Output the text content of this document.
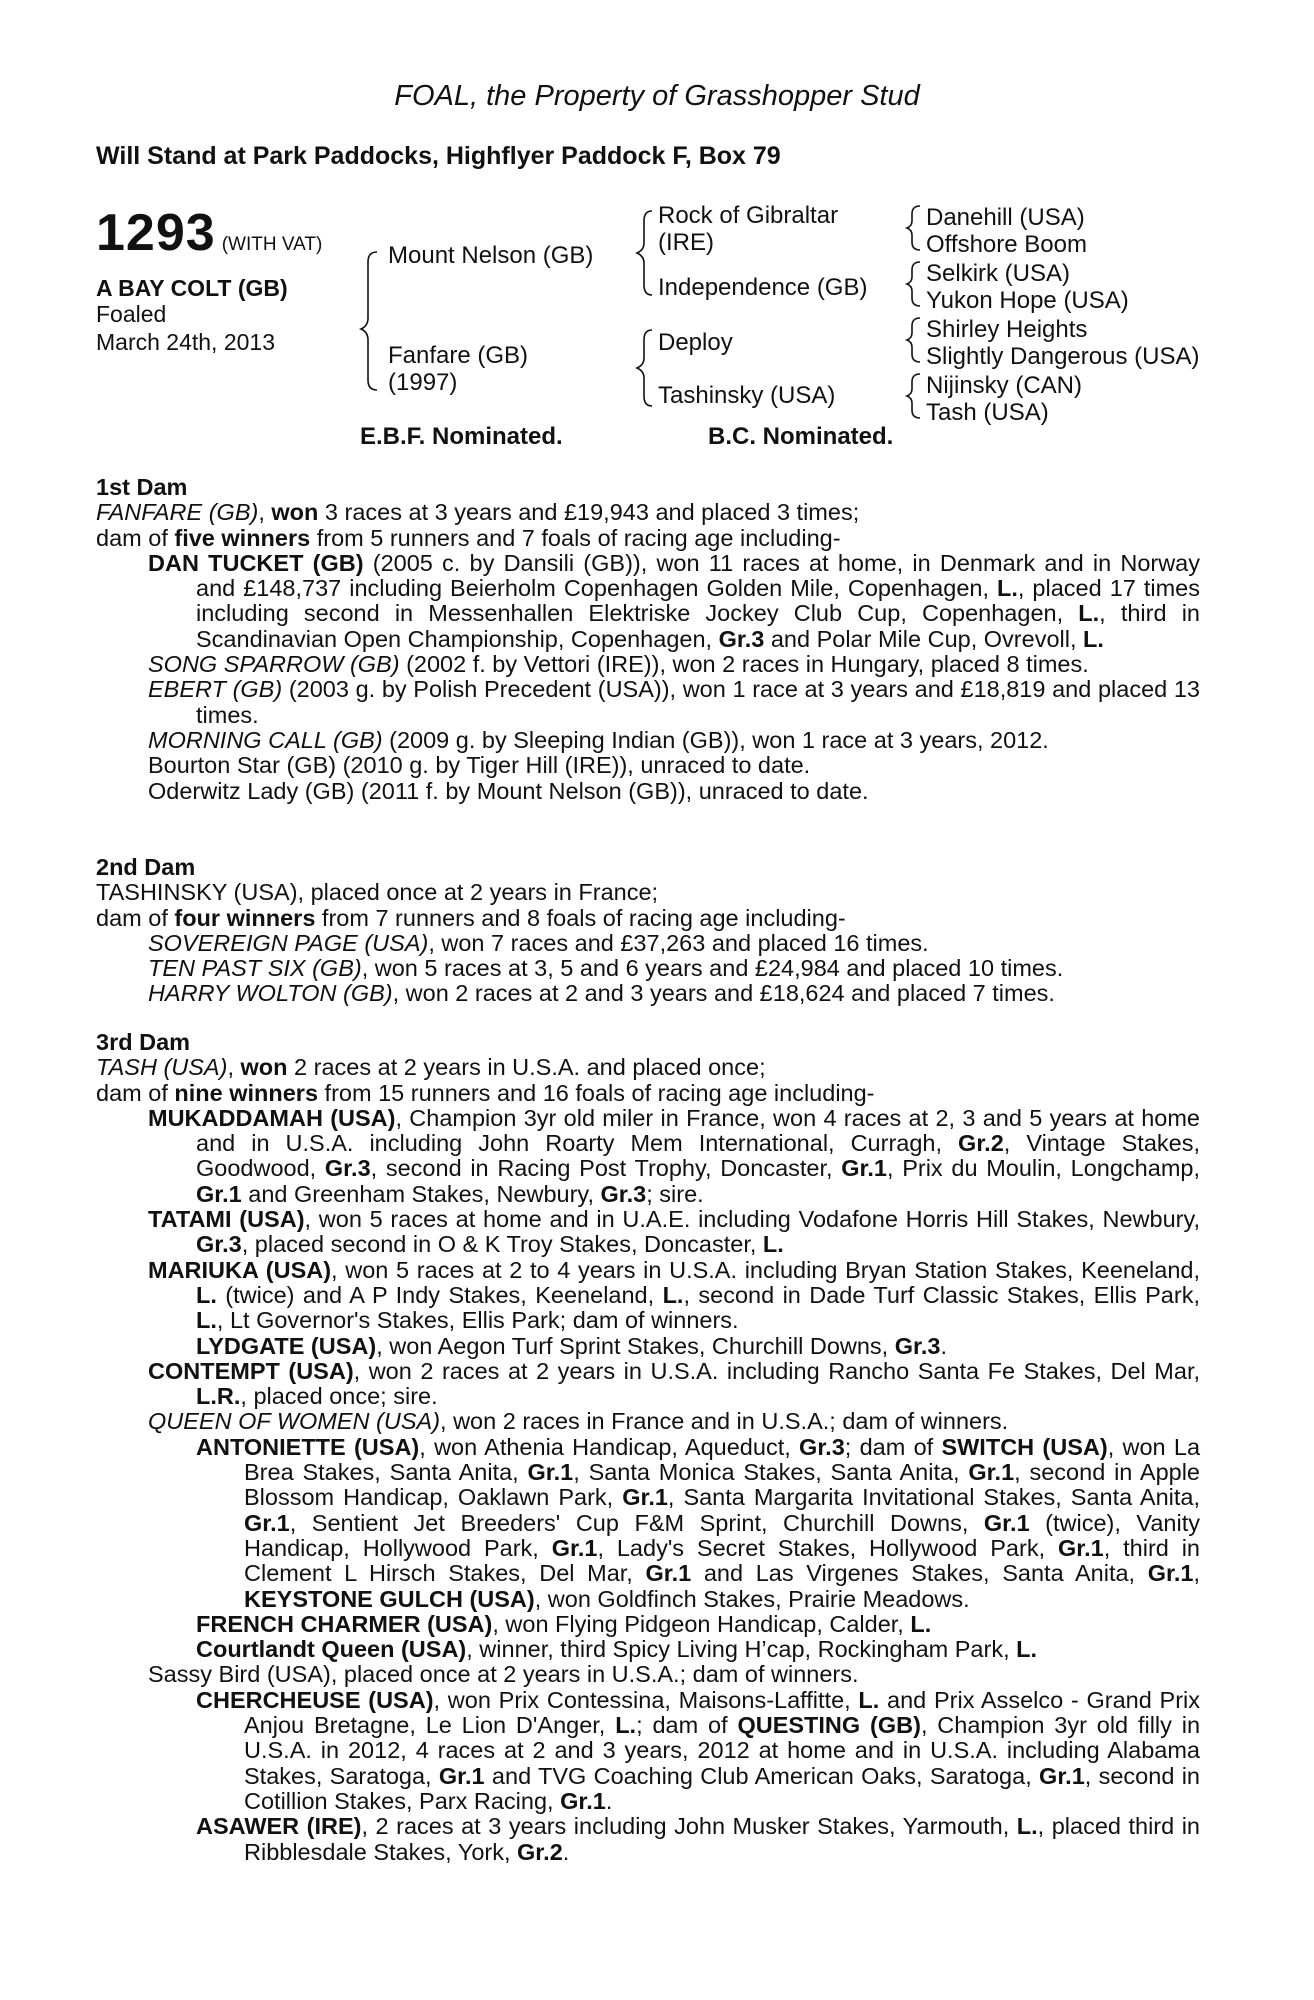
FOAL, the Property of Grasshopper Stud
Will Stand at Park Paddocks, Highflyer Paddock F, Box 79
1293 (WITH VAT)
A BAY COLT (GB)
Foaled
March 24th, 2013
Mount Nelson (GB)
Fanfare (GB)
(1997)
Rock of Gibraltar
(IRE)
Independence (GB)
Deploy
Tashinsky (USA)
Danehill (USA)
Offshore Boom
Selkirk (USA)
Yukon Hope (USA)
Shirley Heights
Slightly Dangerous (USA)
Nijinsky (CAN)
Tash (USA)
E.B.F. Nominated.	B.C. Nominated.
1st Dam
FANFARE (GB), won 3 races at 3 years and £19,943 and placed 3 times;
dam of five winners from 5 runners and 7 foals of racing age including-
DAN TUCKET (GB) (2005 c. by Dansili (GB)), won 11 races at home, in Denmark and in Norway and £148,737 including Beierholm Copenhagen Golden Mile, Copenhagen, L., placed 17 times including second in Messenhallen Elektriske Jockey Club Cup, Copenhagen, L., third in Scandinavian Open Championship, Copenhagen, Gr.3 and Polar Mile Cup, Ovrevoll, L.
SONG SPARROW (GB) (2002 f. by Vettori (IRE)), won 2 races in Hungary, placed 8 times.
EBERT (GB) (2003 g. by Polish Precedent (USA)), won 1 race at 3 years and £18,819 and placed 13 times.
MORNING CALL (GB) (2009 g. by Sleeping Indian (GB)), won 1 race at 3 years, 2012.
Bourton Star (GB) (2010 g. by Tiger Hill (IRE)), unraced to date.
Oderwitz Lady (GB) (2011 f. by Mount Nelson (GB)), unraced to date.
2nd Dam
TASHINSKY (USA), placed once at 2 years in France;
dam of four winners from 7 runners and 8 foals of racing age including-
SOVEREIGN PAGE (USA), won 7 races and £37,263 and placed 16 times.
TEN PAST SIX (GB), won 5 races at 3, 5 and 6 years and £24,984 and placed 10 times.
HARRY WOLTON (GB), won 2 races at 2 and 3 years and £18,624 and placed 7 times.
3rd Dam
TASH (USA), won 2 races at 2 years in U.S.A. and placed once;
dam of nine winners from 15 runners and 16 foals of racing age including-
MUKADDAMAH (USA), Champion 3yr old miler in France, won 4 races at 2, 3 and 5 years at home and in U.S.A. including John Roarty Mem International, Curragh, Gr.2, Vintage Stakes, Goodwood, Gr.3, second in Racing Post Trophy, Doncaster, Gr.1, Prix du Moulin, Longchamp, Gr.1 and Greenham Stakes, Newbury, Gr.3; sire.
TATAMI (USA), won 5 races at home and in U.A.E. including Vodafone Horris Hill Stakes, Newbury, Gr.3, placed second in O & K Troy Stakes, Doncaster, L.
MARIUKA (USA), won 5 races at 2 to 4 years in U.S.A. including Bryan Station Stakes, Keeneland, L. (twice) and A P Indy Stakes, Keeneland, L., second in Dade Turf Classic Stakes, Ellis Park, L., Lt Governor's Stakes, Ellis Park; dam of winners.
LYDGATE (USA), won Aegon Turf Sprint Stakes, Churchill Downs, Gr.3.
CONTEMPT (USA), won 2 races at 2 years in U.S.A. including Rancho Santa Fe Stakes, Del Mar, L.R., placed once; sire.
QUEEN OF WOMEN (USA), won 2 races in France and in U.S.A.; dam of winners.
ANTONIETTE (USA), won Athenia Handicap, Aqueduct, Gr.3; dam of SWITCH (USA), won La Brea Stakes, Santa Anita, Gr.1, Santa Monica Stakes, Santa Anita, Gr.1, second in Apple Blossom Handicap, Oaklawn Park, Gr.1, Santa Margarita Invitational Stakes, Santa Anita, Gr.1, Sentient Jet Breeders' Cup F&M Sprint, Churchill Downs, Gr.1 (twice), Vanity Handicap, Hollywood Park, Gr.1, Lady's Secret Stakes, Hollywood Park, Gr.1, third in Clement L Hirsch Stakes, Del Mar, Gr.1 and Las Virgenes Stakes, Santa Anita, Gr.1, KEYSTONE GULCH (USA), won Goldfinch Stakes, Prairie Meadows.
FRENCH CHARMER (USA), won Flying Pidgeon Handicap, Calder, L.
Courtlandt Queen (USA), winner, third Spicy Living H’cap, Rockingham Park, L.
Sassy Bird (USA), placed once at 2 years in U.S.A.; dam of winners.
CHERCHEUSE (USA), won Prix Contessina, Maisons-Laffitte, L. and Prix Asselco - Grand Prix Anjou Bretagne, Le Lion D'Anger, L.; dam of QUESTING (GB), Champion 3yr old filly in U.S.A. in 2012, 4 races at 2 and 3 years, 2012 at home and in U.S.A. including Alabama Stakes, Saratoga, Gr.1 and TVG Coaching Club American Oaks, Saratoga, Gr.1, second in Cotillion Stakes, Parx Racing, Gr.1.
ASAWER (IRE), 2 races at 3 years including John Musker Stakes, Yarmouth, L., placed third in Ribblesdale Stakes, York, Gr.2.
